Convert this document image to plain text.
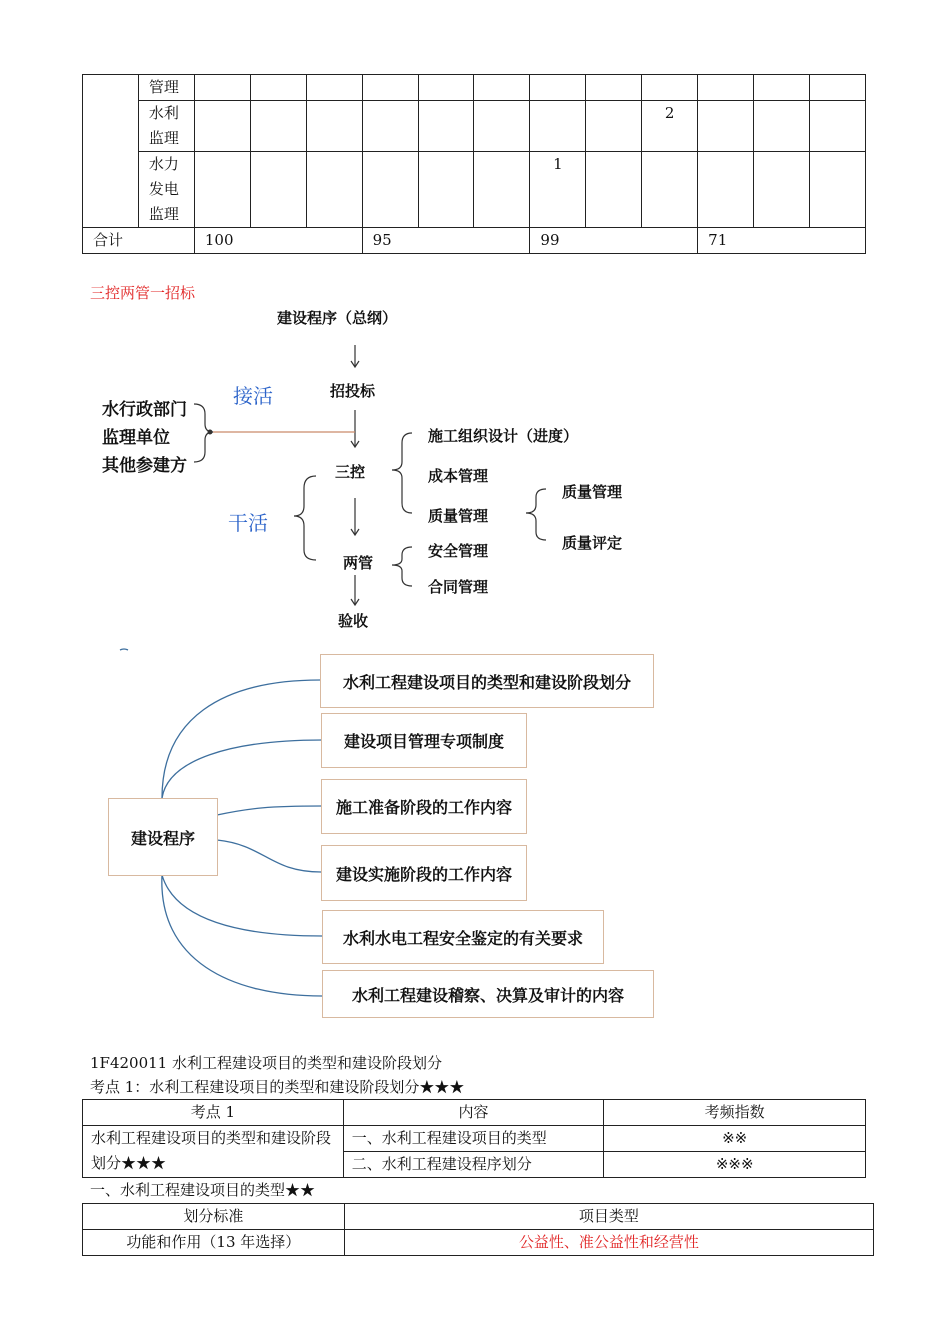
	管理												
	水利监理									2			
	水力发电监理							1					
合计		100			95			99			71		
三控两管一招标
建设程序（总纲）
招投标
接活
水行政部门
监理单位
其他参建方	三控
施工组织设计（进度）
成本管理
质量管理
质量管理
质量评定
干活
两管
安全管理
合同管理
验收
建设程序
水利工程建设项目的类型和建设阶段划分
建设项目管理专项制度
施工准备阶段的工作内容
建设实施阶段的工作内容
水利水电工程安全鉴定的有关要求
水利工程建设稽察、决算及审计的内容
1F420011 水利工程建设项目的类型和建设阶段划分
考点 1：水利工程建设项目的类型和建设阶段划分★★★
考点 1	内容	考频指数
水利工程建设项目的类型和建设阶段划分★★★	一、水利工程建设项目的类型	※※
	二、水利工程建设程序划分	※※※
一、水利工程建设项目的类型★★
划分标准	项目类型
功能和作用（13 年选择）	公益性、准公益性和经营性
